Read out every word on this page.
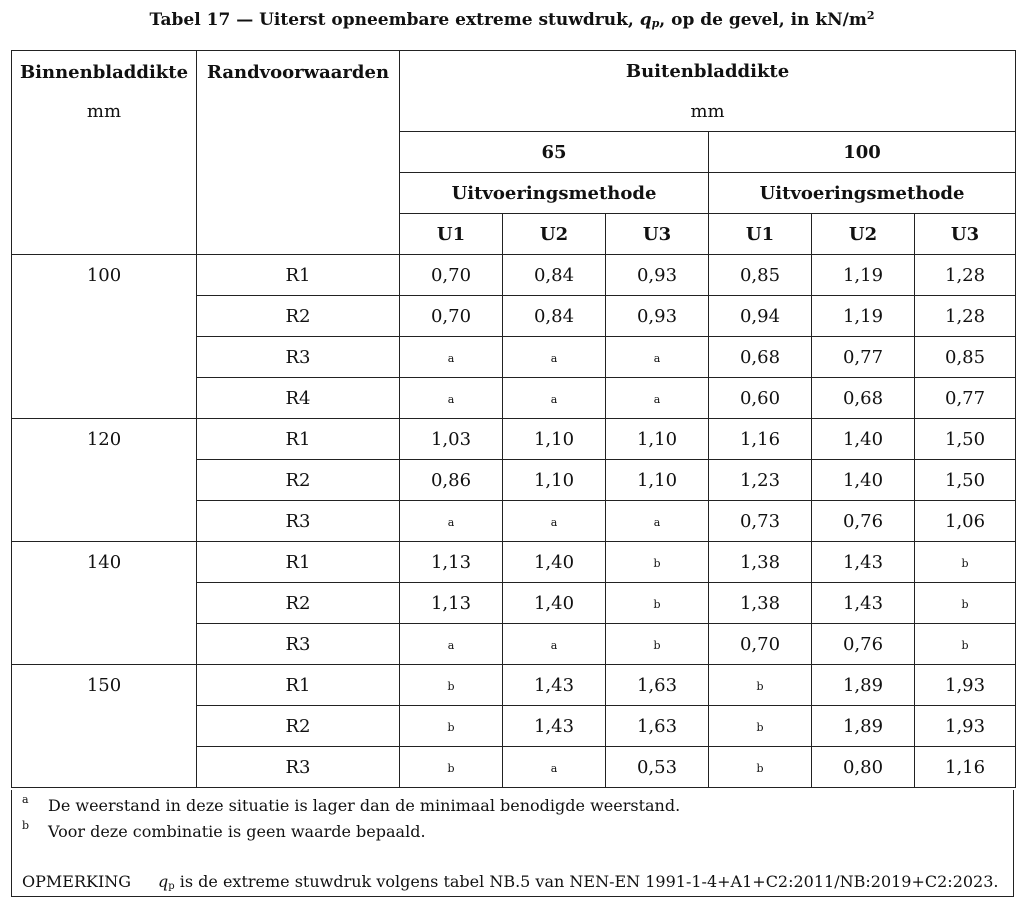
Tabel 17 — Uiterst opneembare extreme stuwdruk, $q_p$, op de gevel, in $kN/m^2$
Binnenbladdikte
mm	Randvoorwaarden	Buitenbladdikte					
		mm					
		65			100		
		Uitvoeringsmethode			Uitvoeringsmethode		
		U1	U2	U3	U1	U2	U3
100	R1	0,70	0,84	0,93	0,85	1,19	1,28
	R2	0,70	0,84	0,93	0,94	1,19	1,28
	R3	a	a	a	0,68	0,77	0,85
	R4	a	a	a	0,60	0,68	0,77
120	R1	1,03	1,10	1,10	1,16	1,40	1,50
	R2	0,86	1,10	1,10	1,23	1,40	1,50
	R3	a	a	a	0,73	0,76	1,06
140	R1	1,13	1,40	b	1,38	1,43	b
	R2	1,13	1,40	b	1,38	1,43	b
	R3	a	a	b	0,70	0,76	b
150	R1	b	1,43	1,63	b	1,89	1,93
	R2	b	1,43	1,63	b	1,89	1,93
	R3	b	a	0,53	b	0,80	1,16
a De weerstand in deze situatie is lager dan de minimaal benodigde weerstand.
b Voor deze combinatie is geen waarde bepaald.
OPMERKING $q_p$ is de extreme stuwdruk volgens tabel NB.5 van NEN-EN 1991-1-4+A1+C2:2011/NB:2019+C2:2023.
